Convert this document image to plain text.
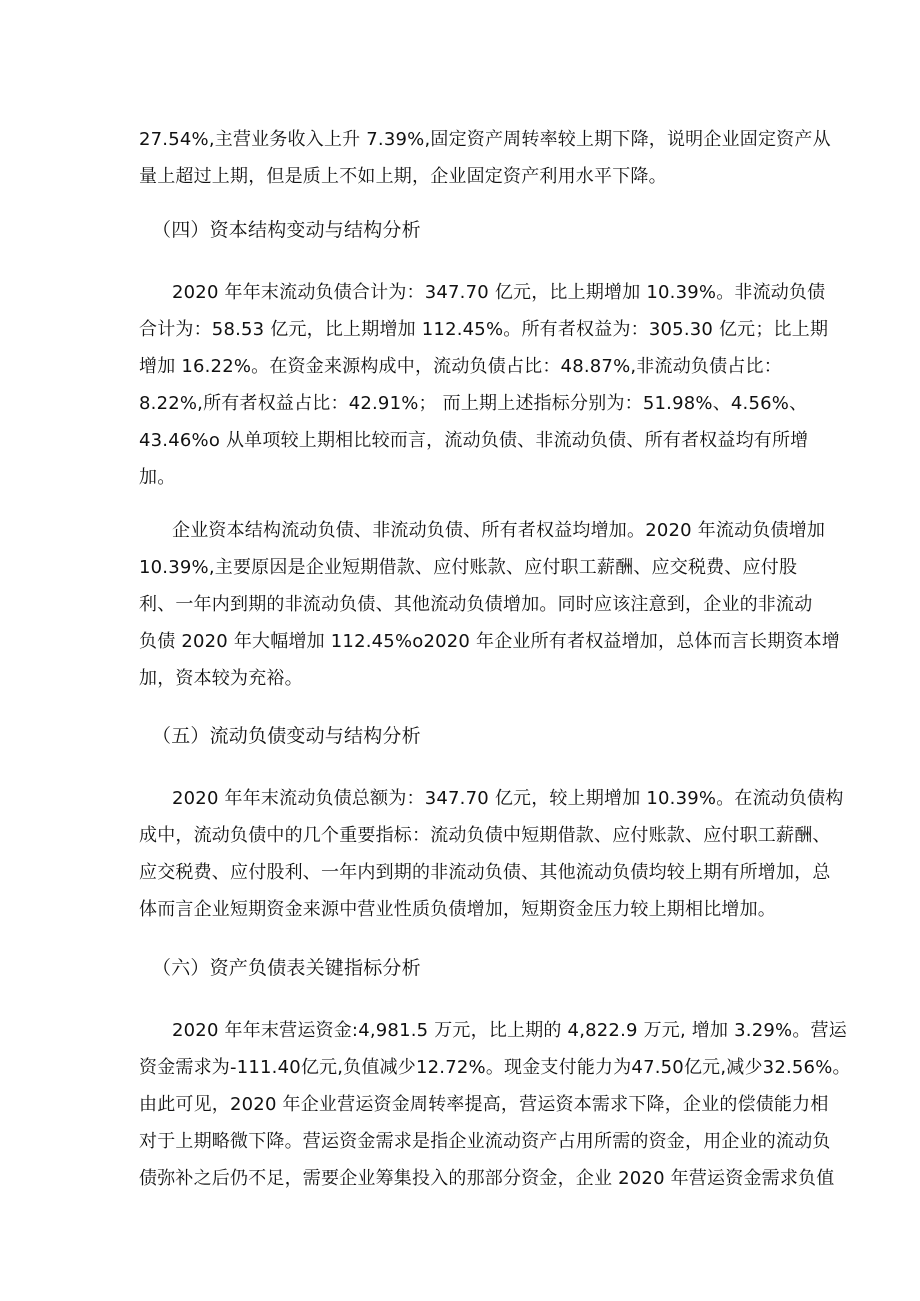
27.54%,主营业务收入上升 7.39%,固定资产周转率较上期下降，说明企业固定资产从
量上超过上期，但是质上不如上期，企业固定资产利用水平下降。
（四）资本结构变动与结构分析
2020 年年末流动负债合计为：347.70 亿元，比上期增加 10.39%。非流动负债
合计为：58.53 亿元，比上期增加 112.45%。所有者权益为：305.30 亿元；比上期
增加 16.22%。在资金来源构成中，流动负债占比：48.87%,非流动负债占比：
8.22%,所有者权益占比：42.91%； 而上期上述指标分别为：51.98%、4.56%、
43.46%o 从单项较上期相比较而言，流动负债、非流动负债、所有者权益均有所增
加。
企业资本结构流动负债、非流动负债、所有者权益均增加。2020 年流动负债增加
10.39%,主要原因是企业短期借款、应付账款、应付职工薪酬、应交税费、应付股
利、一年内到期的非流动负债、其他流动负债增加。同时应该注意到，企业的非流动
负债 2020 年大幅增加 112.45%o2020 年企业所有者权益增加，总体而言长期资本增
加，资本较为充裕。
（五）流动负债变动与结构分析
2020 年年末流动负债总额为：347.70 亿元，较上期增加 10.39%。在流动负债构
成中，流动负债中的几个重要指标：流动负债中短期借款、应付账款、应付职工薪酬、
应交税费、应付股利、一年内到期的非流动负债、其他流动负债均较上期有所增加，总
体而言企业短期资金来源中营业性质负债增加，短期资金压力较上期相比增加。
（六）资产负债表关键指标分析
2020 年年末营运资金:4,981.5 万元，比上期的 4,822.9 万元, 增加 3.29%。营运
资金需求为-111.40亿元,负值减少12.72%。现金支付能力为47.50亿元,减少32.56%。
由此可见，2020 年企业营运资金周转率提高，营运资本需求下降，企业的偿债能力相
对于上期略微下降。营运资金需求是指企业流动资产占用所需的资金，用企业的流动负
债弥补之后仍不足，需要企业筹集投入的那部分资金，企业 2020 年营运资金需求负值
